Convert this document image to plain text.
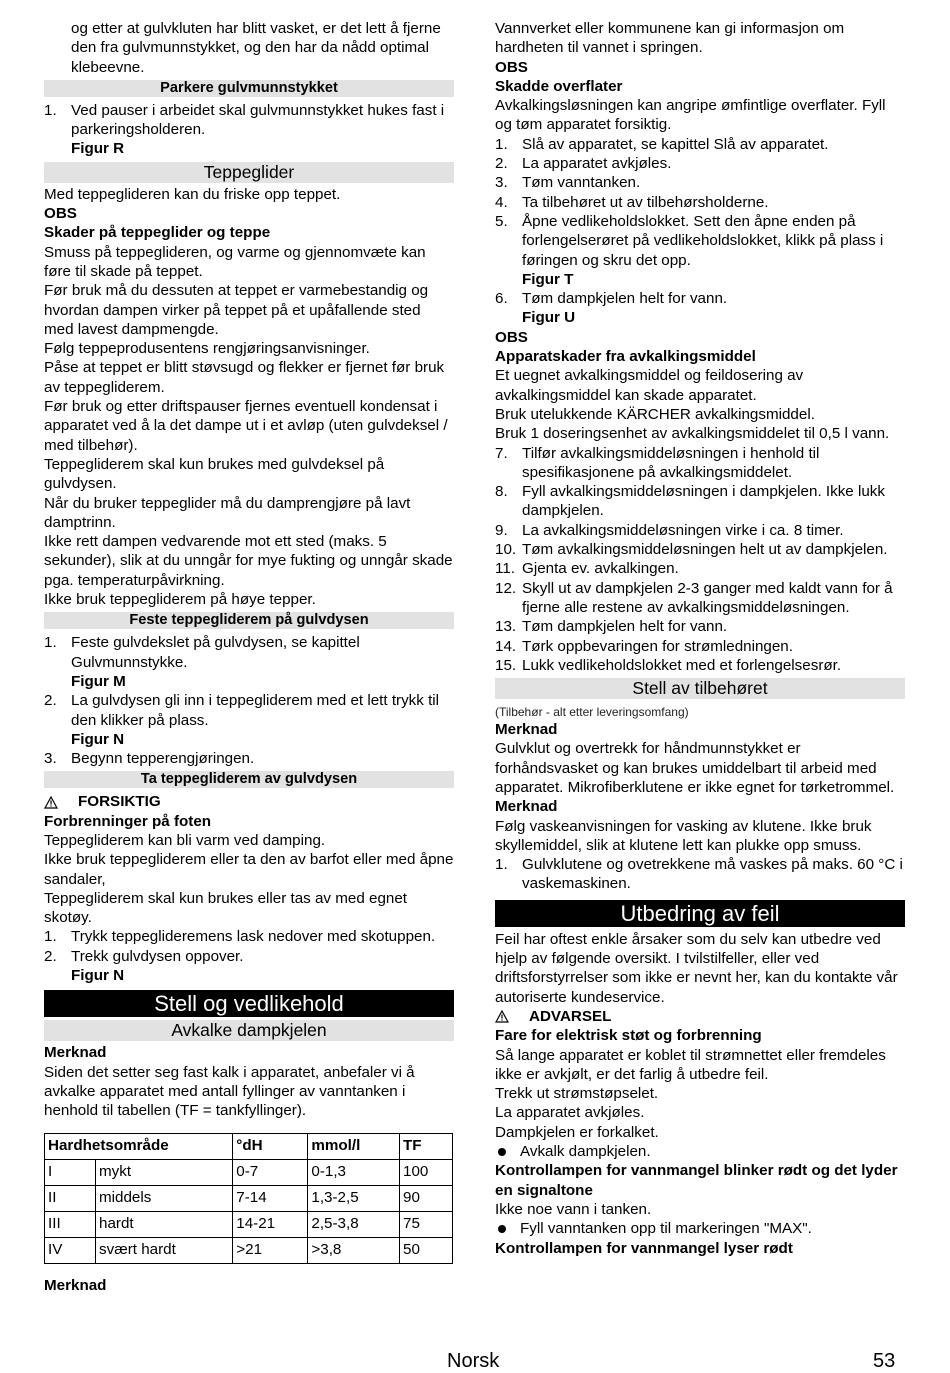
og etter at gulvkluten har blitt vasket, er det lett å fjerne den fra gulvmunnstykket, og den har da nådd optimal klebeevne.

Parkere gulvmunnstykket
1. Ved pauser i arbeidet skal gulvmunnstykket hukes fast i parkeringsholderen.

Figur R

Teppeglider

Med teppeglideren kan du friske opp teppet.

OBS

Skader på teppeglider og teppe

Smuss på teppeglideren, og varme og gjennomvæte kan føre til skade på teppet.

Før bruk må du dessuten at teppet er varmebestandig og hvordan dampen virker på teppet på et upåfallende sted med lavest dampmengde.

Følg teppeprodusentens rengjøringsanvisninger.

Påse at teppet er blitt støvsugd og flekker er fjernet før bruk av teppegliderem.

Før bruk og etter driftspauser fjernes eventuell kondensat i apparatet ved å la det dampe ut i et avløp (uten gulvdeksel / med tilbehør).

Teppegliderem skal kun brukes med gulvdeksel på gulvdysen.

Når du bruker teppeglider må du damprengjøre på lavt damptrinn.

Ikke rett dampen vedvarende mot ett sted (maks. 5 sekunder), slik at du unngår for mye fukting og unngår skade pga. temperaturpåvirkning.

Ikke bruk teppegliderem på høye tepper.

Feste teppegliderem på gulvdysen
1. Feste gulvdekslet på gulvdysen, se kapittel Gulvmunnstykke.
Figur M
2. La gulvdysen gli inn i teppegliderem med et lett trykk til den klikker på plass.
Figur N
3. Begynn tepperengjøringen.
Ta teppegliderem av gulvdysen
FORSIKTIG

Forbrenninger på foten

Teppegliderem kan bli varm ved damping.

Ikke bruk teppegliderem eller ta den av barfot eller med åpne sandaler,

Teppegliderem skal kun brukes eller tas av med egnet skotøy.

1. Trykk teppeglideremens lask nedover med skotuppen.
2. Trekk gulvdysen oppover.

Figur N

Stell og vedlikehold
Avkalke dampkjelen

Merknad

Siden det setter seg fast kalk i apparatet, anbefaler vi å avkalke apparatet med antall fyllinger av vanntanken i henhold til tabellen (TF = tankfyllinger).

Hardhetsområde		°dH	mmol/l	TF
I	mykt	0-7	0-1,3	100
II	middels	7-14	1,3-2,5	90
III	hardt	14-21	2,5-3,8	75
IV	svært hardt	>21	>3,8	50

Merknad

Vannverket eller kommunene kan gi informasjon om hardheten til vannet i springen.

OBS

Skadde overflater

Avkalkingsløsningen kan angripe ømfintlige overflater. Fyll og tøm apparatet forsiktig.

1. Slå av apparatet, se kapittel Slå av apparatet.
2. La apparatet avkjøles.
3. Tøm vanntanken.
4. Ta tilbehøret ut av tilbehørsholderne.
5. Åpne vedlikeholdslokket. Sett den åpne enden på forlengelserøret på vedlikeholdslokket, klikk på plass i føringen og skru det opp.
Figur T
6. Tøm dampkjelen helt for vann.
Figur U

OBS

Apparatskader fra avkalkingsmiddel

Et uegnet avkalkingsmiddel og feildosering av avkalkingsmiddel kan skade apparatet.

Bruk utelukkende KÄRCHER avkalkingsmiddel.

Bruk 1 doseringsenhet av avkalkingsmiddelet til 0,5 l vann.

7. Tilfør avkalkingsmiddeløsningen i henhold til spesifikasjonene på avkalkingsmiddelet.
8. Fyll avkalkingsmiddeløsningen i dampkjelen. Ikke lukk dampkjelen.
9. La avkalkingsmiddeløsningen virke i ca. 8 timer.
10. Tøm avkalkingsmiddeløsningen helt ut av dampkjelen.
11. Gjenta ev. avkalkingen.
12. Skyll ut av dampkjelen 2-3 ganger med kaldt vann for å fjerne alle restene av avkalkingsmiddeløsningen.
13. Tøm dampkjelen helt for vann.
14. Tørk oppbevaringen for strømledningen.
15. Lukk vedlikeholdslokket med et forlengelsesrør.
Stell av tilbehøret

(Tilbehør - alt etter leveringsomfang)

Merknad

Gulvklut og overtrekk for håndmunnstykket er forhåndsvasket og kan brukes umiddelbart til arbeid med apparatet. Mikrofiberklutene er ikke egnet for tørketrommel.

Merknad

Følg vaskeanvisningen for vasking av klutene. Ikke bruk skyllemiddel, slik at klutene lett kan plukke opp smuss.

1. Gulvklutene og ovetrekkene må vaskes på maks. 60 °C i vaskemaskinen.
Utbedring av feil

Feil har oftest enkle årsaker som du selv kan utbedre ved hjelp av følgende oversikt. I tvilstilfeller, eller ved driftsforstyrrelser som ikke er nevnt her, kan du kontakte vår autoriserte kundeservice.

ADVARSEL

Fare for elektrisk støt og forbrenning

Så lange apparatet er koblet til strømnettet eller fremdeles ikke er avkjølt, er det farlig å utbedre feil.

Trekk ut strømstøpselet.

La apparatet avkjøles.

Dampkjelen er forkalket.

Avkalk dampkjelen.

Kontrollampen for vannmangel blinker rødt og det lyder en signaltone

Ikke noe vann i tanken.

Fyll vanntanken opp til markeringen "MAX".

Kontrollampen for vannmangel lyser rødt

Norsk	53
